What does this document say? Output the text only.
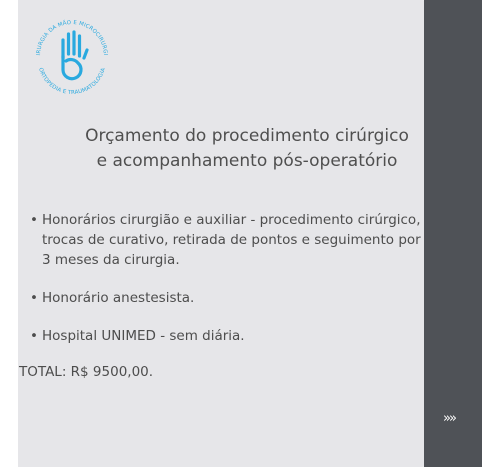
IRURGIA DA MÃO E MICROCIRURGI
ORTOPEDIA E TRAUMATOLOGIA
Orçamento do procedimento cirúrgico
e acompanhamento pós-operatório
• Honorários cirurgião e auxiliar - procedimento cirúrgico,
trocas de curativo, retirada de pontos e seguimento por
3 meses da cirurgia.
• Honorário anestesista.
• Hospital UNIMED - sem diária.
TOTAL: R$ 9500,00.
»»
